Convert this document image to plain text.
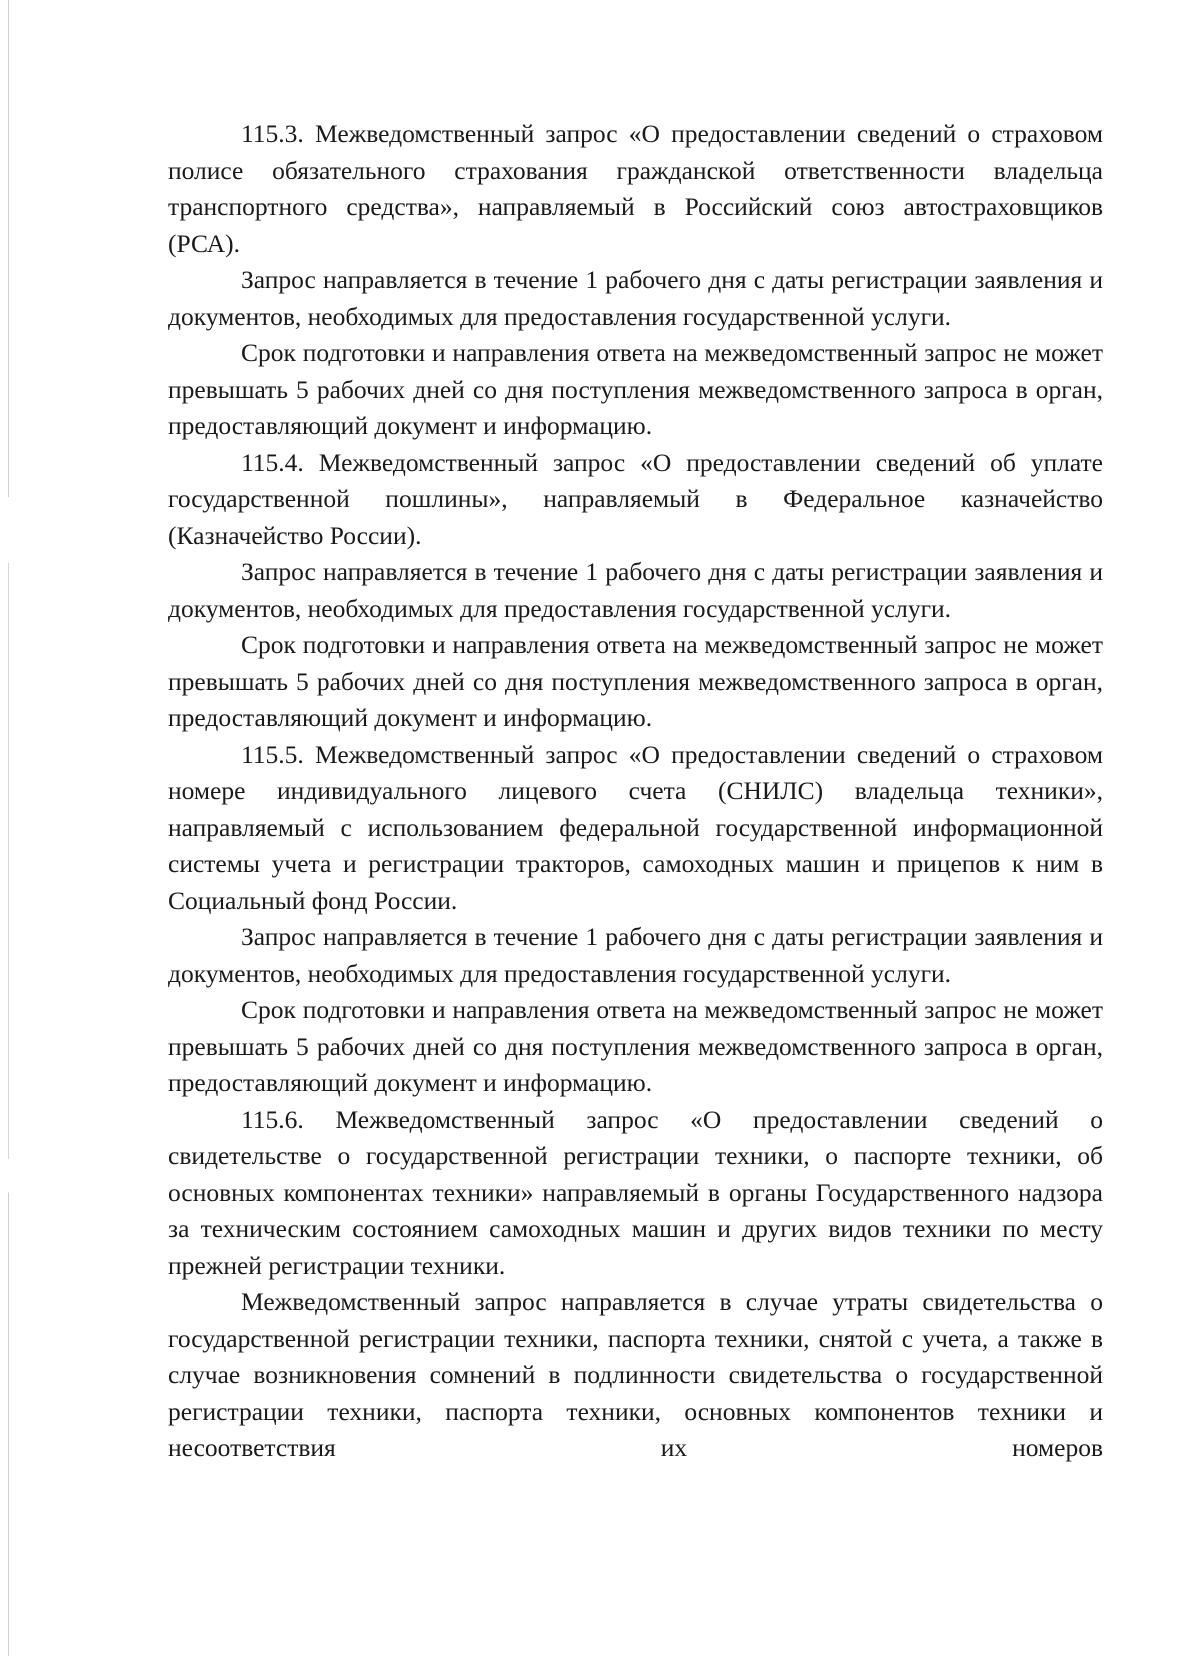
115.3. Межведомственный запрос «О предоставлении сведений о страховом полисе обязательного страхования гражданской ответственности владельца транспортного средства», направляемый в Российский союз автостраховщиков (РСА).

Запрос направляется в течение 1 рабочего дня с даты регистрации заявления и документов, необходимых для предоставления государственной услуги.

Срок подготовки и направления ответа на межведомственный запрос не может превышать 5 рабочих дней со дня поступления межведомственного запроса в орган, предоставляющий документ и информацию.

115.4. Межведомственный запрос «О предоставлении сведений об уплате государственной пошлины», направляемый в Федеральное казначейство (Казначейство России).

Запрос направляется в течение 1 рабочего дня с даты регистрации заявления и документов, необходимых для предоставления государственной услуги.

Срок подготовки и направления ответа на межведомственный запрос не может превышать 5 рабочих дней со дня поступления межведомственного запроса в орган, предоставляющий документ и информацию.

115.5. Межведомственный запрос «О предоставлении сведений о страховом номере индивидуального лицевого счета (СНИЛС) владельца техники», направляемый с использованием федеральной государственной информационной системы учета и регистрации тракторов, самоходных машин и прицепов к ним в Социальный фонд России.

Запрос направляется в течение 1 рабочего дня с даты регистрации заявления и документов, необходимых для предоставления государственной услуги.

Срок подготовки и направления ответа на межведомственный запрос не может превышать 5 рабочих дней со дня поступления межведомственного запроса в орган, предоставляющий документ и информацию.

115.6. Межведомственный запрос «О предоставлении сведений о свидетельстве о государственной регистрации техники, о паспорте техники, об основных компонентах техники» направляемый в органы Государственного надзора за техническим состоянием самоходных машин и других видов техники по месту прежней регистрации техники.

Межведомственный запрос направляется в случае утраты свидетельства о государственной регистрации техники, паспорта техники, снятой с учета, а также в случае возникновения сомнений в подлинности свидетельства о государственной регистрации техники, паспорта техники, основных компонентов техники и несоответствия их номеров
